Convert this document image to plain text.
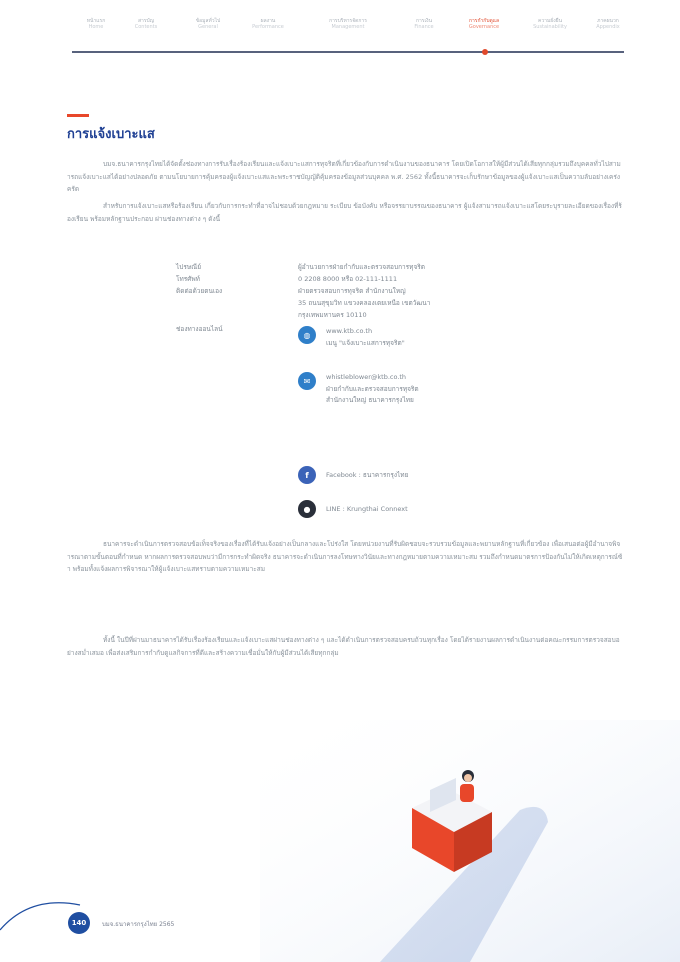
หน้าแรก
Home
สารบัญ
Contents
ข้อมูลทั่วไป
General
ผลงาน
Performance
การบริหารจัดการ
Management
การเงิน
Finance
การกำกับดูแล
Governance
ความยั่งยืน
Sustainability
ภาคผนวก
Appendix
การแจ้งเบาะแส

บมจ.ธนาคารกรุงไทยได้จัดตั้งช่องทางการรับเรื่องร้องเรียนและแจ้งเบาะแสการทุจริตที่เกี่ยวข้องกับการดำเนินงานของธนาคาร โดยเปิดโอกาสให้ผู้มีส่วนได้เสียทุกกลุ่มรวมถึงบุคคลทั่วไปสามารถแจ้งเบาะแสได้อย่างปลอดภัย ตามนโยบายการคุ้มครองผู้แจ้งเบาะแสและพระราชบัญญัติคุ้มครองข้อมูลส่วนบุคคล พ.ศ. 2562 ทั้งนี้ธนาคารจะเก็บรักษาข้อมูลของผู้แจ้งเบาะแสเป็นความลับอย่างเคร่งครัด

สำหรับการแจ้งเบาะแสหรือร้องเรียน เกี่ยวกับการกระทำที่อาจไม่ชอบด้วยกฎหมาย ระเบียบ ข้อบังคับ หรือจรรยาบรรณของธนาคาร ผู้แจ้งสามารถแจ้งเบาะแสโดยระบุรายละเอียดของเรื่องที่ร้องเรียน พร้อมหลักฐานประกอบ ผ่านช่องทางต่าง ๆ ดังนี้

ไปรษณีย์	ผู้อำนวยการฝ่ายกำกับและตรวจสอบการทุจริต
โทรศัพท์	0 2208 8000 หรือ 02-111-1111
ติดต่อด้วยตนเอง	ฝ่ายตรวจสอบการทุจริต สำนักงานใหญ่
35 ถนนสุขุมวิท แขวงคลองเตยเหนือ เขตวัฒนา
กรุงเทพมหานคร 10110
ช่องทางออนไลน์
◍	www.ktb.co.th
เมนู "แจ้งเบาะแสการทุจริต"
✉	whistleblower@ktb.co.th
ฝ่ายกำกับและตรวจสอบการทุจริต
สำนักงานใหญ่ ธนาคารกรุงไทย
f	Facebook : ธนาคารกรุงไทย
●	LINE : Krungthai Connext

ธนาคารจะดำเนินการตรวจสอบข้อเท็จจริงของเรื่องที่ได้รับแจ้งอย่างเป็นกลางและโปร่งใส โดยหน่วยงานที่รับผิดชอบจะรวบรวมข้อมูลและพยานหลักฐานที่เกี่ยวข้อง เพื่อเสนอต่อผู้มีอำนาจพิจารณาตามขั้นตอนที่กำหนด หากผลการตรวจสอบพบว่ามีการกระทำผิดจริง ธนาคารจะดำเนินการลงโทษทางวินัยและทางกฎหมายตามความเหมาะสม รวมถึงกำหนดมาตรการป้องกันไม่ให้เกิดเหตุการณ์ซ้ำ พร้อมทั้งแจ้งผลการพิจารณาให้ผู้แจ้งเบาะแสทราบตามความเหมาะสม

ทั้งนี้ ในปีที่ผ่านมาธนาคารได้รับเรื่องร้องเรียนและแจ้งเบาะแสผ่านช่องทางต่าง ๆ และได้ดำเนินการตรวจสอบครบถ้วนทุกเรื่อง โดยได้รายงานผลการดำเนินงานต่อคณะกรรมการตรวจสอบอย่างสม่ำเสมอ เพื่อส่งเสริมการกำกับดูแลกิจการที่ดีและสร้างความเชื่อมั่นให้กับผู้มีส่วนได้เสียทุกกลุ่ม

140	บมจ.ธนาคารกรุงไทย 2565
